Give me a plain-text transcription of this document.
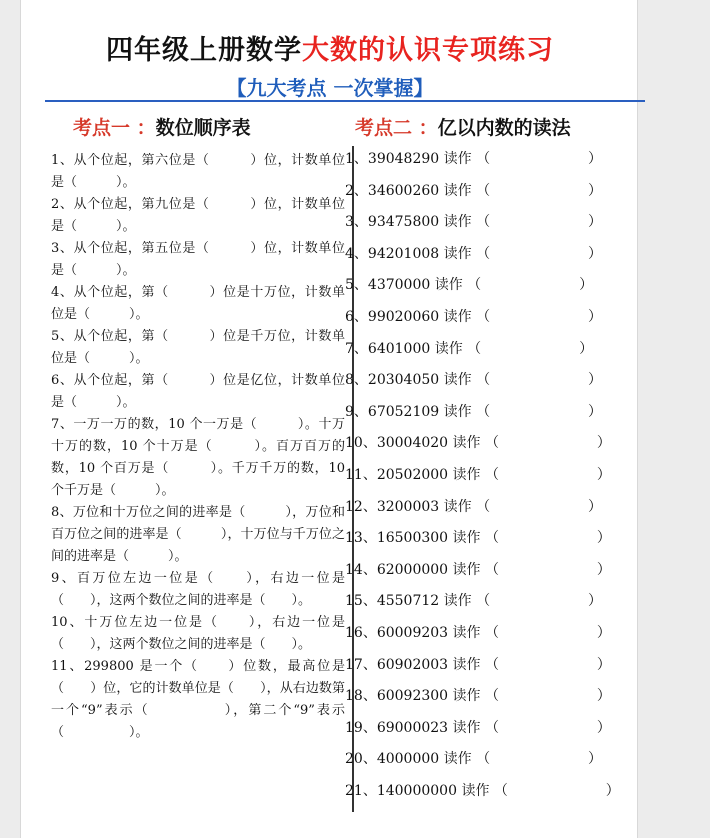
四年级上册数学大数的认识专项练习
【九大考点 一次掌握】
考点一 ：数位顺序表	考点二 ：亿以内数的读法
1、从个位起，第六位是（　　　）位，计数单位是（　　　）。
2、从个位起，第九位是（　　　）位，计数单位是（　　　）。
3、从个位起，第五位是（　　　）位，计数单位是（　　　）。
4、从个位起，第（　　　）位是十万位，计数单位是（　　　）。
5、从个位起，第（　　　）位是千万位，计数单位是（　　　）。
6、从个位起，第（　　　）位是亿位，计数单位是（　　　）。
7、一万一万的数，10 个一万是（　　　）。十万十万的数，10 个十万是（　　　）。百万百万的数，10 个百万是（　　　）。千万千万的数，10 个千万是（　　　）。
8、万位和十万位之间的进率是（　　　），万位和百万位之间的进率是（　　　），十万位与千万位之间的进率是（　　　）。
9、百万位左边一位是（　　），右边一位是（　　），这两个数位之间的进率是（　　）。
10、十万位左边一位是（　　），右边一位是（　　），这两个数位之间的进率是（　　）。
11、299800 是一个（　　）位数，最高位是（　　）位，它的计数单位是（　　），从右边数第一个“9”表示（　　　　　），第二个“9”表示（　　　　　）。
1、 39048290
读作 （                      ）
2、 34600260
读作 （                      ）
3、 93475800
读作 （                      ）
4、 94201008
读作 （                      ）
5、 4370000
读作 （                      ）
6、 99020060
读作 （                      ）
7、 6401000
读作 （                      ）
8、 20304050
读作 （                      ）
9、 67052109
读作 （                      ）
10、 30004020
读作 （                      ）
11、 20502000
读作 （                      ）
12、 3200003
读作 （                      ）
13、 16500300
读作 （                      ）
14、 62000000
读作 （                      ）
15、 4550712
读作 （                      ）
16、 60009203
读作 （                      ）
17、 60902003
读作 （                      ）
18、 60092300
读作 （                      ）
19、 69000023
读作 （                      ）
20、 4000000
读作 （                      ）
21、 140000000
读作 （                      ）
